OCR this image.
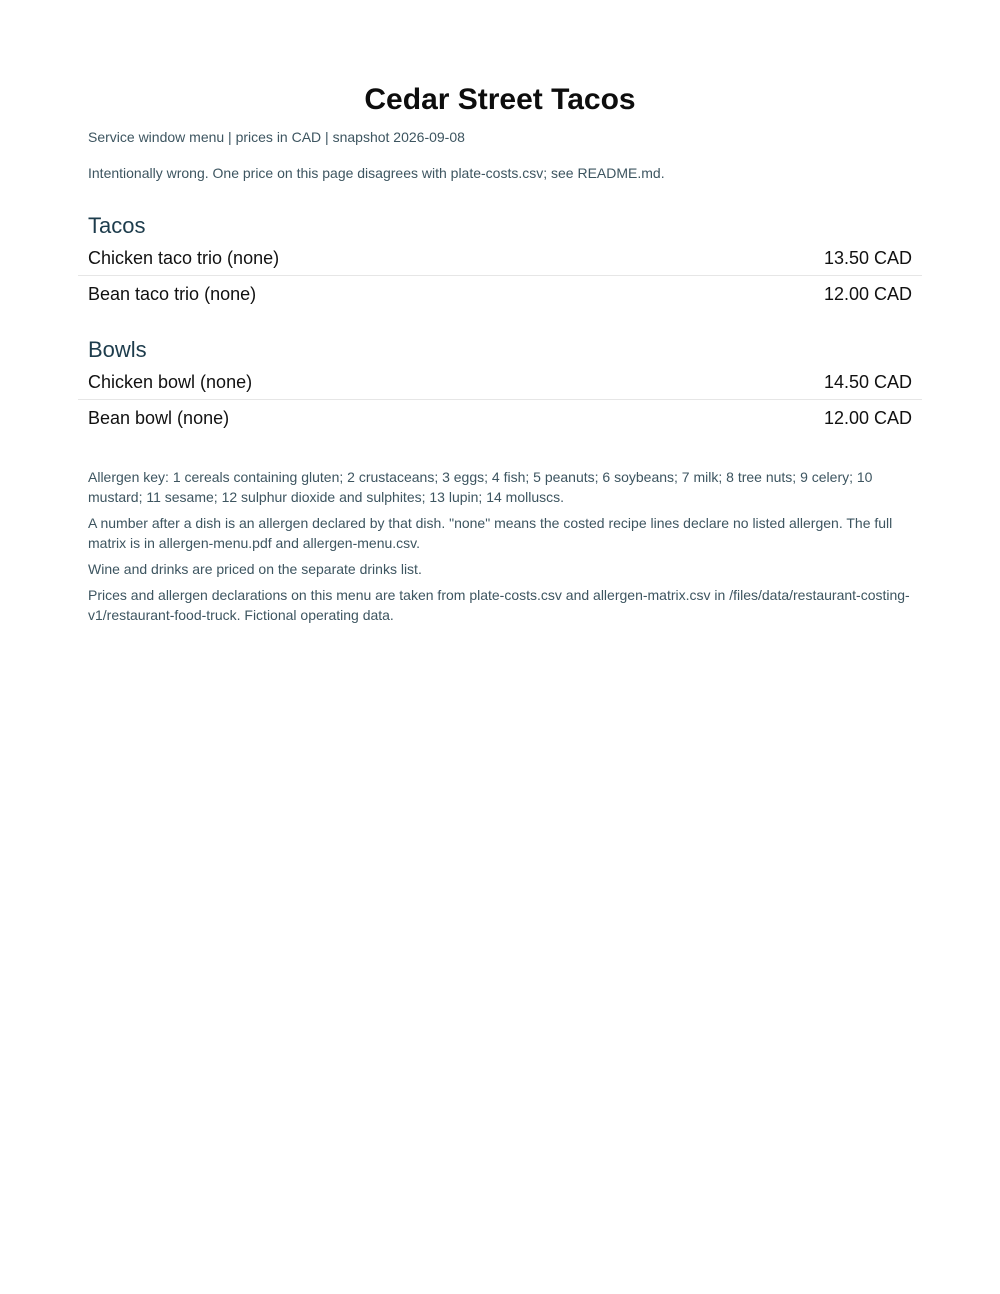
Cedar Street Tacos
Service window menu | prices in CAD | snapshot 2026-09-08
Intentionally wrong. One price on this page disagrees with plate-costs.csv; see README.md.
Tacos
Chicken taco trio (none)	13.50 CAD
Bean taco trio (none)	12.00 CAD
Bowls
Chicken bowl (none)	14.50 CAD
Bean bowl (none)	12.00 CAD

Allergen key: 1 cereals containing gluten; 2 crustaceans; 3 eggs; 4 fish; 5 peanuts; 6 soybeans; 7 milk; 8 tree nuts; 9 celery; 10 mustard; 11 sesame; 12 sulphur dioxide and sulphites; 13 lupin; 14 molluscs.

A number after a dish is an allergen declared by that dish. "none" means the costed recipe lines declare no listed allergen. The full matrix is in allergen-menu.pdf and allergen-menu.csv.

Wine and drinks are priced on the separate drinks list.

Prices and allergen declarations on this menu are taken from plate-costs.csv and allergen-matrix.csv in /files/data/restaurant-costing-v1/restaurant-food-truck. Fictional operating data.
